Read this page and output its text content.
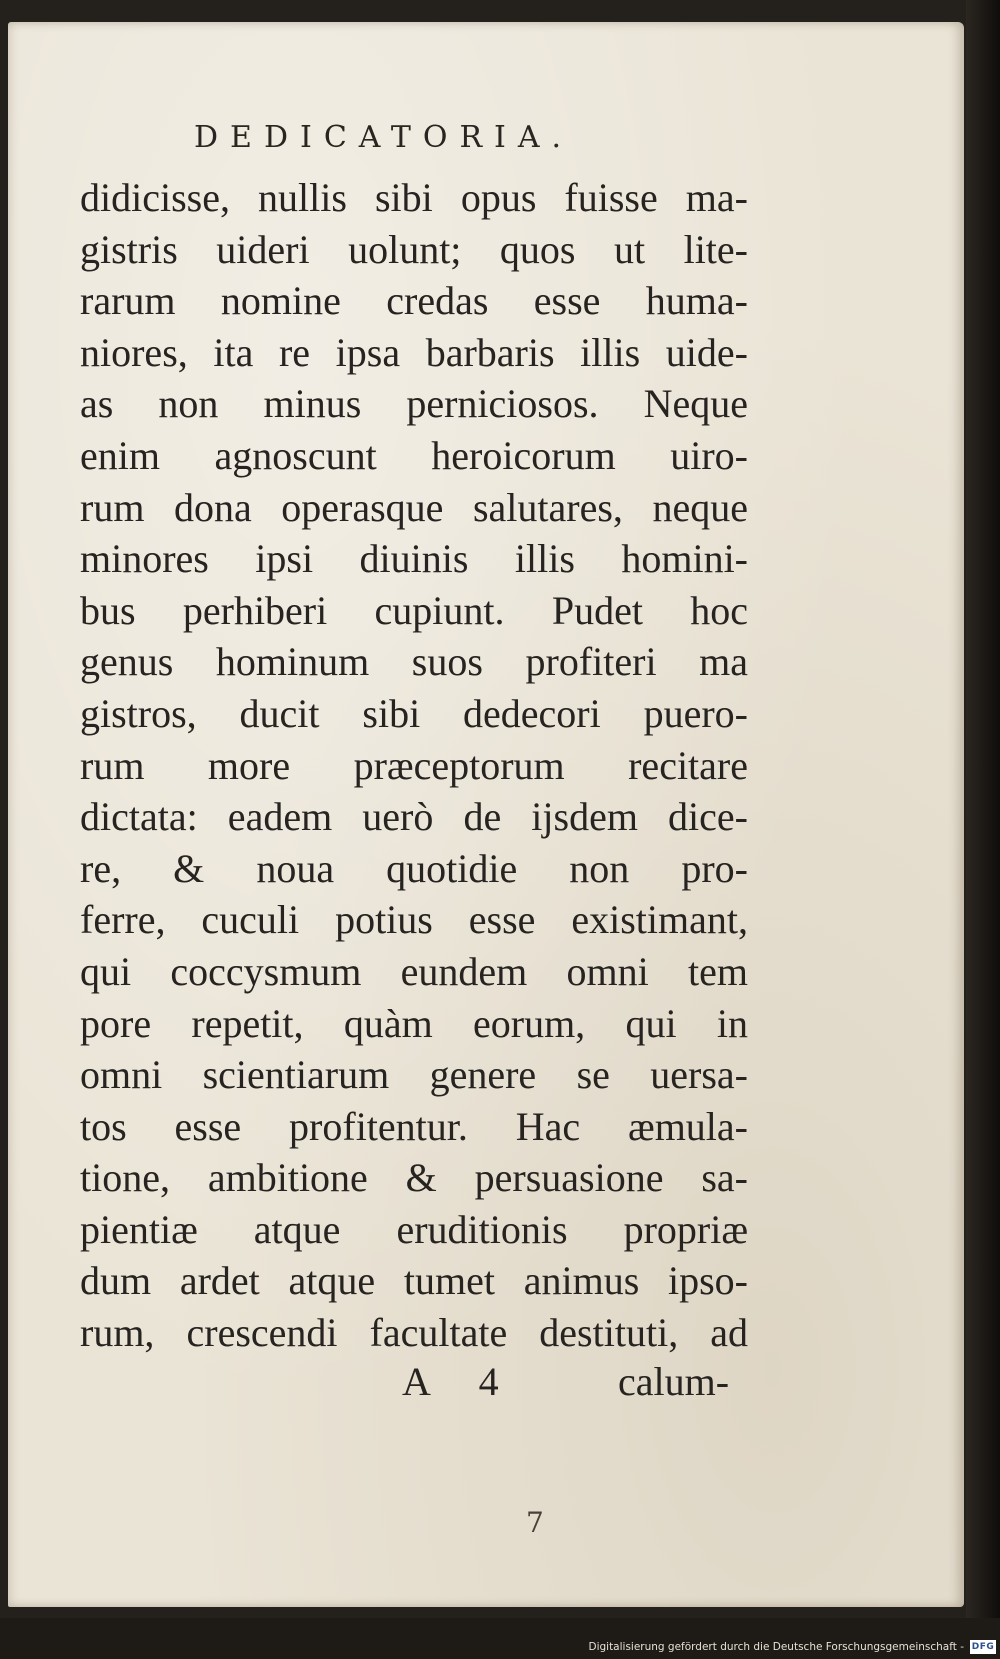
DEDICATORIA.
didicisse, nullis sibi opus fuisse ma-
gistris uideri uolunt; quos ut lite-
rarum nomine credas esse huma-
niores, ita re ipsa barbaris illis uide-
as non minus perniciosos. Neque
enim agnoscunt heroicorum uiro-
rum dona operasque salutares, neque
minores ipsi diuinis illis homini-
bus perhiberi cupiunt. Pudet hoc
genus hominum suos profiteri ma
gistros, ducit sibi dedecori puero-
rum more præceptorum recitare
dictata: eadem uerò de ijsdem dice-
re, & noua quotidie non pro-
ferre, cuculi potius esse existimant,
qui coccysmum eundem omni tem
pore repetit, quàm eorum, qui in
omni scientiarum genere se uersa-
tos esse profitentur. Hac æmula-
tione, ambitione & persuasione sa-
pientiæ atque eruditionis propriæ
dum ardet atque tumet animus ipso-
rum, crescendi facultate destituti, ad
A 4 calum-
7
Digitalisierung gefördert durch die Deutsche Forschungsgemeinschaft - DFG
